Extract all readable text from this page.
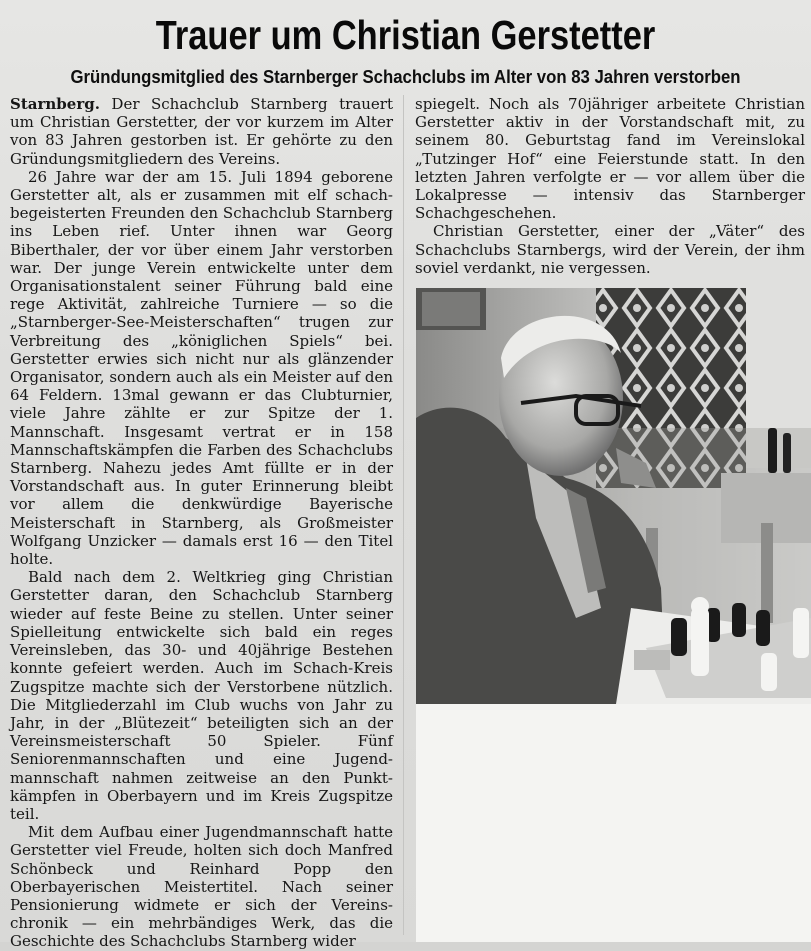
Trauer um Christian Gerstetter
Gründungsmitglied des Starnberger Schachclubs im Alter von 83 Jahren verstorben

Starnberg. Der Schachclub Starnberg trauert um Christian Gerstetter, der vor kurzem im Alter von 83 Jahren gestorben ist. Er gehörte zu den Gründungsmitgliedern des Vereins.

26 Jahre war der am 15. Juli 1894 geborene Gerstetter alt, als er zusammen mit elf schachbegeisterten Freunden den Schachclub Starnberg ins Leben rief. Unter ihnen war Georg Biberthaler, der vor über einem Jahr verstorben war. Der junge Verein entwickelte unter dem Organisationstalent seiner Führung bald eine rege Aktivität, zahlreiche Turniere — so die „Starnberger-See-Meisterschaften“ trugen zur Verbreitung des „königlichen Spiels“ bei. Gerstetter erwies sich nicht nur als glänzender Organisator, sondern auch als ein Meister auf den 64 Feldern. 13mal gewann er das Clubturnier, viele Jahre zählte er zur Spitze der 1. Mannschaft. Insgesamt vertrat er in 158 Mannschaftskämpfen die Farben des Schachclubs Starnberg. Nahezu jedes Amt füllte er in der Vorstandschaft aus. In guter Erinnerung bleibt vor allem die denkwürdige Bayerische Meisterschaft in Starnberg, als Großmeister Wolfgang Unzicker — damals erst 16 — den Titel holte.

Bald nach dem 2. Weltkrieg ging Christian Gerstetter daran, den Schachclub Starnberg wieder auf feste Beine zu stellen. Unter seiner Spielleitung entwickelte sich bald ein reges Vereinsleben, das 30- und 40jährige Bestehen konnte gefeiert werden. Auch im Schach-Kreis Zugspitze machte sich der Verstorbene nützlich. Die Mitgliederzahl im Club wuchs von Jahr zu Jahr, in der „Blütezeit“ beteiligten sich an der Vereinsmeisterschaft 50 Spieler. Fünf Seniorenmannschaften und eine Jugendmannschaft nahmen zeitweise an den Punktkämpfen in Oberbayern und im Kreis Zugspitze teil.

Mit dem Aufbau einer Jugendmannschaft hatte Gerstetter viel Freude, holten sich doch Manfred Schönbeck und Reinhard Popp den Oberbayerischen Meistertitel. Nach seiner Pensionierung widmete er sich der Vereinschronik — ein mehrbändiges Werk, das die Geschichte des Schachclubs Starnberg wider

spiegelt. Noch als 70jähriger arbeitete Christian Gerstetter aktiv in der Vorstandschaft mit, zu seinem 80. Geburtstag fand im Vereinslokal „Tutzinger Hof“ eine Feierstunde statt. In den letzten Jahren verfolgte er — vor allem über die Lokalpresse — intensiv das Starnberger Schachgeschehen.

Christian Gerstetter, einer der „Väter“ des Schachclubs Starnbergs, wird der Verein, der ihm soviel verdankt, nie vergessen.
